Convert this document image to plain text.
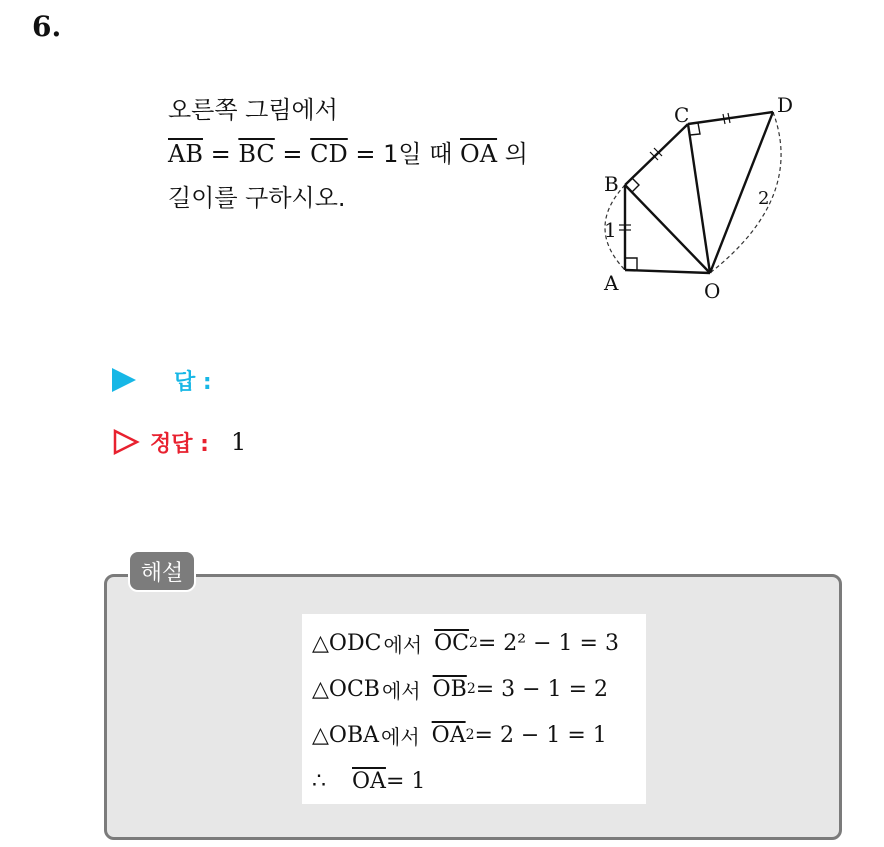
6.
오른쪽 그림에서
$\overline{AB} = \overline{BC} = \overline{CD} = 1$일 때 $\overline{OA}$ 의
길이를 구하시오.
A
B
C	D
O
1
2
답 :
정답 : 1
해설
△ODC 에서 $\overline{OC}$ 2 = 2² − 1 = 3
△OCB 에서 $\overline{OB}$ 2 = 3 − 1 = 2
△OBA 에서 $\overline{OA}$ 2 = 2 − 1 = 1
∴ $\overline{OA} = 1$
